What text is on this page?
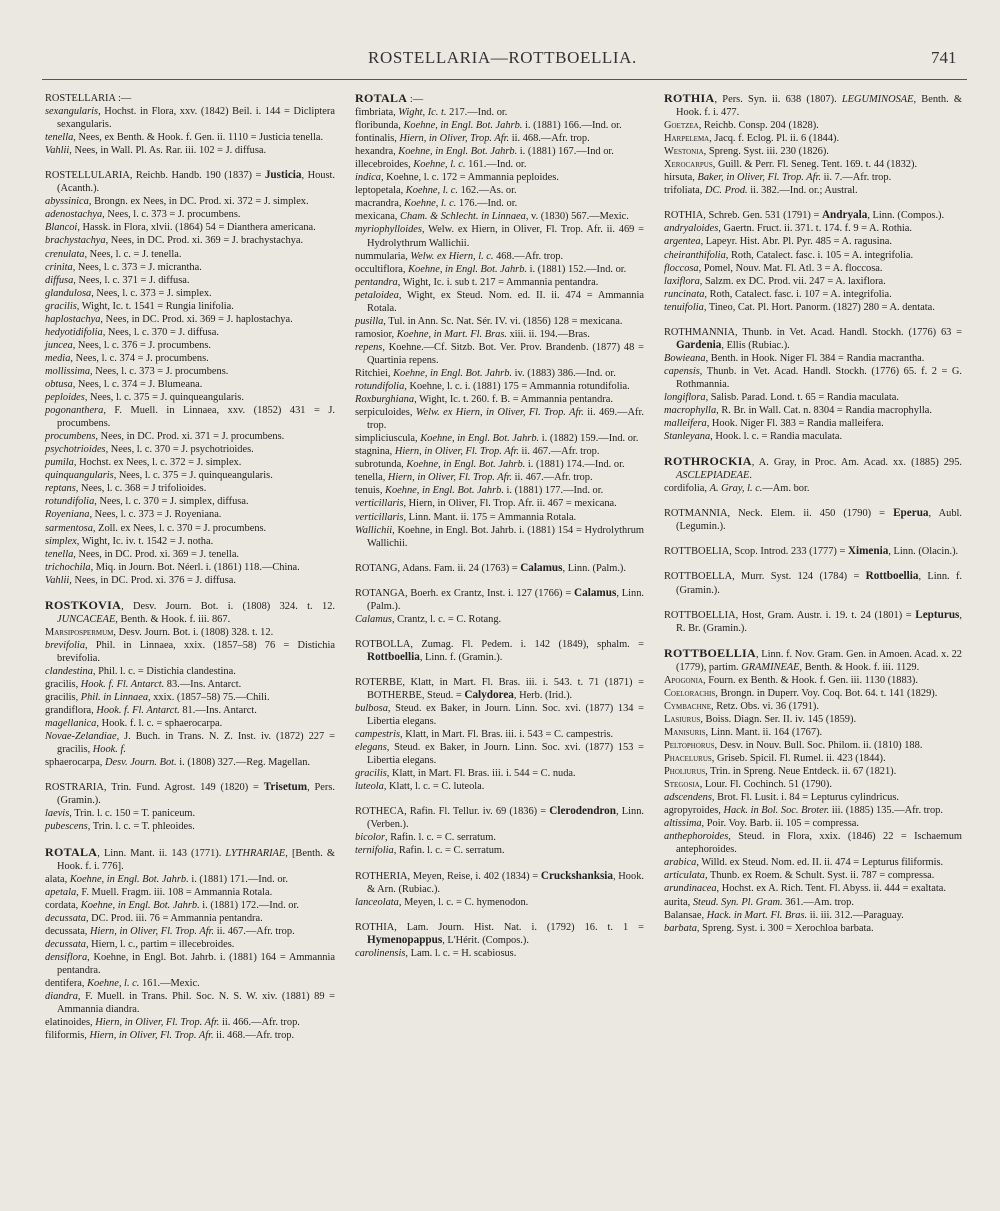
ROSTELLARIA—ROTTBOELLIA.	741

ROSTELLARIA :—

sexangularis, Hochst. in Flora, xxv. (1842) Beil. i. 144 = Dicliptera sexangularis.

tenella, Nees, ex Benth. & Hook. f. Gen. ii. 1110 = Justicia tenella.

Vahlii, Nees, in Wall. Pl. As. Rar. iii. 102 = J. diffusa.

ROSTELLULARIA, Reichb. Handb. 190 (1837) = Justicia, Houst. (Acanth.).

abyssinica, Brongn. ex Nees, in DC. Prod. xi. 372 = J. simplex.

adenostachya, Nees, l. c. 373 = J. procumbens.

Blancoi, Hassk. in Flora, xlvii. (1864) 54 = Dianthera americana.

brachystachya, Nees, in DC. Prod. xi. 369 = J. brachystachya.

crenulata, Nees, l. c. = J. tenella.

crinita, Nees, l. c. 373 = J. micrantha.

diffusa, Nees, l. c. 371 = J. diffusa.

glandulosa, Nees, l. c. 373 = J. simplex.

gracilis, Wight, Ic. t. 1541 = Rungia linifolia.

haplostachya, Nees, in DC. Prod. xi. 369 = J. haplostachya.

hedyotidifolia, Nees, l. c. 370 = J. diffusa.

juncea, Nees, l. c. 376 = J. procumbens.

media, Nees, l. c. 374 = J. procumbens.

mollissima, Nees, l. c. 373 = J. procumbens.

obtusa, Nees, l. c. 374 = J. Blumeana.

peploides, Nees, l. c. 375 = J. quinqueangularis.

pogonanthera, F. Muell. in Linnaea, xxv. (1852) 431 = J. procumbens.

procumbens, Nees, in DC. Prod. xi. 371 = J. procumbens.

psychotrioides, Nees, l. c. 370 = J. psychotrioides.

pumila, Hochst. ex Nees, l. c. 372 = J. simplex.

quinquangularis, Nees, l. c. 375 = J. quinqueangularis.

reptans, Nees, l. c. 368 = J trifolioides.

rotundifolia, Nees, l. c. 370 = J. simplex, diffusa.

Royeniana, Nees, l. c. 373 = J. Royeniana.

sarmentosa, Zoll. ex Nees, l. c. 370 = J. procumbens.

simplex, Wight, Ic. iv. t. 1542 = J. notha.

tenella, Nees, in DC. Prod. xi. 369 = J. tenella.

trichochila, Miq. in Journ. Bot. Néerl. i. (1861) 118.—China.

Vahlii, Nees, in DC. Prod. xi. 376 = J. diffusa.

ROSTKOVIA, Desv. Journ. Bot. i. (1808) 324. t. 12. JUNCACEAE, Benth. & Hook. f. iii. 867.

Marsipospermum, Desv. Journ. Bot. i. (1808) 328. t. 12.

brevifolia, Phil. in Linnaea, xxix. (1857–58) 76 = Distichia brevifolia.

clandestina, Phil. l. c. = Distichia clandestina.

gracilis, Hook. f. Fl. Antarct. 83.—Ins. Antarct.

gracilis, Phil. in Linnaea, xxix. (1857–58) 75.—Chili.

grandiflora, Hook. f. Fl. Antarct. 81.—Ins. Antarct.

magellanica, Hook. f. l. c. = sphaerocarpa.

Novae-Zelandiae, J. Buch. in Trans. N. Z. Inst. iv. (1872) 227 = gracilis, Hook. f.

sphaerocarpa, Desv. Journ. Bot. i. (1808) 327.—Reg. Magellan.

ROSTRARIA, Trin. Fund. Agrost. 149 (1820) = Trisetum, Pers. (Gramin.).

laevis, Trin. l. c. 150 = T. paniceum.

pubescens, Trin. l. c. = T. phleoides.

ROTALA, Linn. Mant. ii. 143 (1771). LYTHRARIAE, [Benth. & Hook. f. i. 776].

alata, Koehne, in Engl. Bot. Jahrb. i. (1881) 171.—Ind. or.

apetala, F. Muell. Fragm. iii. 108 = Ammannia Rotala.

cordata, Koehne, in Engl. Bot. Jahrb. i. (1881) 172.—Ind. or.

decussata, DC. Prod. iii. 76 = Ammannia pentandra.

decussata, Hiern, in Oliver, Fl. Trop. Afr. ii. 467.—Afr. trop.

decussata, Hiern, l. c., partim = illecebroides.

densiflora, Koehne, in Engl. Bot. Jahrb. i. (1881) 164 = Ammannia pentandra.

dentifera, Koehne, l. c. 161.—Mexic.

diandra, F. Muell. in Trans. Phil. Soc. N. S. W. xiv. (1881) 89 = Ammannia diandra.

elatinoides, Hiern, in Oliver, Fl. Trop. Afr. ii. 466.—Afr. trop.

filiformis, Hiern, in Oliver, Fl. Trop. Afr. ii. 468.—Afr. trop.

ROTALA :—

fimbriata, Wight, Ic. t. 217.—Ind. or.

floribunda, Koehne, in Engl. Bot. Jahrb. i. (1881) 166.—Ind. or.

fontinalis, Hiern, in Oliver, Trop. Afr. ii. 468.—Afr. trop.

hexandra, Koehne, in Engl. Bot. Jahrb. i. (1881) 167.—Ind or.

illecebroides, Koehne, l. c. 161.—Ind. or.

indica, Koehne, l. c. 172 = Ammannia peploides.

leptopetala, Koehne, l. c. 162.—As. or.

macrandra, Koehne, l. c. 176.—Ind. or.

mexicana, Cham. & Schlecht. in Linnaea, v. (1830) 567.—Mexic.

myriophylloides, Welw. ex Hiern, in Oliver, Fl. Trop. Afr. ii. 469 = Hydrolythrum Wallichii.

nummularia, Welw. ex Hiern, l. c. 468.—Afr. trop.

occultiflora, Koehne, in Engl. Bot. Jahrb. i. (1881) 152.—Ind. or.

pentandra, Wight, Ic. i. sub t. 217 = Ammannia pentandra.

petaloidea, Wight, ex Steud. Nom. ed. II. ii. 474 = Ammannia Rotala.

pusilla, Tul. in Ann. Sc. Nat. Sér. IV. vi. (1856) 128 = mexicana.

ramosior, Koehne, in Mart. Fl. Bras. xiii. ii. 194.—Bras.

repens, Koehne.—Cf. Sitzb. Bot. Ver. Prov. Brandenb. (1877) 48 = Quartinia repens.

Ritchiei, Koehne, in Engl. Bot. Jahrb. iv. (1883) 386.—Ind. or.

rotundifolia, Koehne, l. c. i. (1881) 175 = Ammannia rotundifolia.

Roxburghiana, Wight, Ic. t. 260. f. B. = Ammannia pentandra.

serpiculoides, Welw. ex Hiern, in Oliver, Fl. Trop. Afr. ii. 469.—Afr. trop.

simpliciuscula, Koehne, in Engl. Bot. Jahrb. i. (1882) 159.—Ind. or.

stagnina, Hiern, in Oliver, Fl. Trop. Afr. ii. 467.—Afr. trop.

subrotunda, Koehne, in Engl. Bot. Jahrb. i. (1881) 174.—Ind. or.

tenella, Hiern, in Oliver, Fl. Trop. Afr. ii. 467.—Afr. trop.

tenuis, Koehne, in Engl. Bot. Jahrb. i. (1881) 177.—Ind. or.

verticillaris, Hiern, in Oliver, Fl. Trop. Afr. ii. 467 = mexicana.

verticillaris, Linn. Mant. ii. 175 = Ammannia Rotala.

Wallichii, Koehne, in Engl. Bot. Jahrb. i. (1881) 154 = Hydrolythrum Wallichii.

ROTANG, Adans. Fam. ii. 24 (1763) = Calamus, Linn. (Palm.).

ROTANGA, Boerh. ex Crantz, Inst. i. 127 (1766) = Calamus, Linn. (Palm.).

Calamus, Crantz, l. c. = C. Rotang.

ROTBOLLA, Zumag. Fl. Pedem. i. 142 (1849), sphalm. = Rottboellia, Linn. f. (Gramin.).

ROTERBE, Klatt, in Mart. Fl. Bras. iii. i. 543. t. 71 (1871) = BOTHERBE, Steud. = Calydorea, Herb. (Irid.).

bulbosa, Steud. ex Baker, in Journ. Linn. Soc. xvi. (1877) 134 = Libertia elegans.

campestris, Klatt, in Mart. Fl. Bras. iii. i. 543 = C. campestris.

elegans, Steud. ex Baker, in Journ. Linn. Soc. xvi. (1877) 153 = Libertia elegans.

gracilis, Klatt, in Mart. Fl. Bras. iii. i. 544 = C. nuda.

luteola, Klatt, l. c. = C. luteola.

ROTHECA, Rafin. Fl. Tellur. iv. 69 (1836) = Clerodendron, Linn. (Verben.).

bicolor, Rafin. l. c. = C. serratum.

ternifolia, Rafin. l. c. = C. serratum.

ROTHERIA, Meyen, Reise, i. 402 (1834) = Cruckshanksia, Hook. & Arn. (Rubiac.).

lanceolata, Meyen, l. c. = C. hymenodon.

ROTHIA, Lam. Journ. Hist. Nat. i. (1792) 16. t. 1 = Hymenopappus, L'Hérit. (Compos.).

carolinensis, Lam. l. c. = H. scabiosus.

ROTHIA, Pers. Syn. ii. 638 (1807). LEGUMINOSAE, Benth. & Hook. f. i. 477.

Goetzea, Reichb. Consp. 204 (1828).

Harpelema, Jacq. f. Eclog. Pl. ii. 6 (1844).

Westonia, Spreng. Syst. iii. 230 (1826).

Xerocarpus, Guill. & Perr. Fl. Seneg. Tent. 169. t. 44 (1832).

hirsuta, Baker, in Oliver, Fl. Trop. Afr. ii. 7.—Afr. trop.

trifoliata, DC. Prod. ii. 382.—Ind. or.; Austral.

ROTHIA, Schreb. Gen. 531 (1791) = Andryala, Linn. (Compos.).

andryaloides, Gaertn. Fruct. ii. 371. t. 174. f. 9 = A. Rothia.

argentea, Lapeyr. Hist. Abr. Pl. Pyr. 485 = A. ragusina.

cheiranthifolia, Roth, Catalect. fasc. i. 105 = A. integrifolia.

floccosa, Pomel, Nouv. Mat. Fl. Atl. 3 = A. floccosa.

laxiflora, Salzm. ex DC. Prod. vii. 247 = A. laxiflora.

runcinata, Roth, Catalect. fasc. i. 107 = A. integrifolia.

tenuifolia, Tineo, Cat. Pl. Hort. Panorm. (1827) 280 = A. dentata.

ROTHMANNIA, Thunb. in Vet. Acad. Handl. Stockh. (1776) 63 = Gardenia, Ellis (Rubiac.).

Bowieana, Benth. in Hook. Niger Fl. 384 = Randia macrantha.

capensis, Thunb. in Vet. Acad. Handl. Stockh. (1776) 65. f. 2 = G. Rothmannia.

longiflora, Salisb. Parad. Lond. t. 65 = Randia maculata.

macrophylla, R. Br. in Wall. Cat. n. 8304 = Randia macrophylla.

malleifera, Hook. Niger Fl. 383 = Randia malleifera.

Stanleyana, Hook. l. c. = Randia maculata.

ROTHROCKIA, A. Gray, in Proc. Am. Acad. xx. (1885) 295. ASCLEPIADEAE.

cordifolia, A. Gray, l. c.—Am. bor.

ROTMANNIA, Neck. Elem. ii. 450 (1790) = Eperua, Aubl. (Legumin.).

ROTTBOELIA, Scop. Introd. 233 (1777) = Ximenia, Linn. (Olacin.).

ROTTBOELLA, Murr. Syst. 124 (1784) = Rottboellia, Linn. f. (Gramin.).

ROTTBOELLIA, Host, Gram. Austr. i. 19. t. 24 (1801) = Lepturus, R. Br. (Gramin.).

ROTTBOELLIA, Linn. f. Nov. Gram. Gen. in Amoen. Acad. x. 22 (1779), partim. GRAMINEAE, Benth. & Hook. f. iii. 1129.

Apogonia, Fourn. ex Benth. & Hook. f. Gen. iii. 1130 (1883).

Coelorachis, Brongn. in Duperr. Voy. Coq. Bot. 64. t. 141 (1829).

Cymbachne, Retz. Obs. vi. 36 (1791).

Lasiurus, Boiss. Diagn. Ser. II. iv. 145 (1859).

Manisuris, Linn. Mant. ii. 164 (1767).

Peltophorus, Desv. in Nouv. Bull. Soc. Philom. ii. (1810) 188.

Phacelurus, Griseb. Spicil. Fl. Rumel. ii. 423 (1844).

Pholiurus, Trin. in Spreng. Neue Entdeck. ii. 67 (1821).

Stegosia, Lour. Fl. Cochinch. 51 (1790).

adscendens, Brot. Fl. Lusit. i. 84 = Lepturus cylindricus.

agropyroides, Hack. in Bol. Soc. Broter. iii. (1885) 135.—Afr. trop.

altissima, Poir. Voy. Barb. ii. 105 = compressa.

anthephoroides, Steud. in Flora, xxix. (1846) 22 = Ischaemum antephoroides.

arabica, Willd. ex Steud. Nom. ed. II. ii. 474 = Lepturus filiformis.

articulata, Thunb. ex Roem. & Schult. Syst. ii. 787 = compressa.

arundinacea, Hochst. ex A. Rich. Tent. Fl. Abyss. ii. 444 = exaltata.

aurita, Steud. Syn. Pl. Gram. 361.—Am. trop.

Balansae, Hack. in Mart. Fl. Bras. ii. iii. 312.—Paraguay.

barbata, Spreng. Syst. i. 300 = Xerochloa barbata.
